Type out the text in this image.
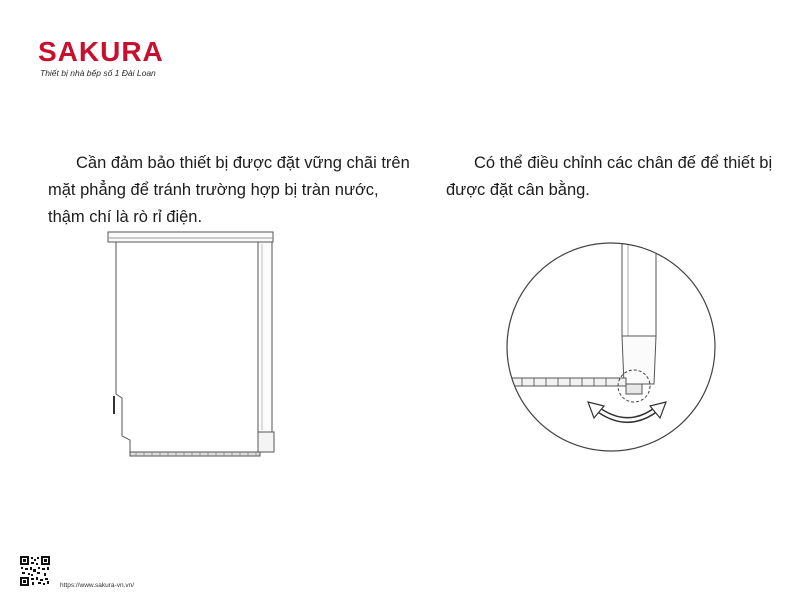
SAKURA
Thiết bị nhà bếp số 1 Đài Loan

Cần đảm bảo thiết bị được đặt vững chãi trên mặt phẳng để tránh trường hợp bị tràn nước, thậm chí là rò rỉ điện.

Có thể điều chỉnh các chân đế để thiết bị được đặt cân bằng.

https://www.sakura-vn.vn/
